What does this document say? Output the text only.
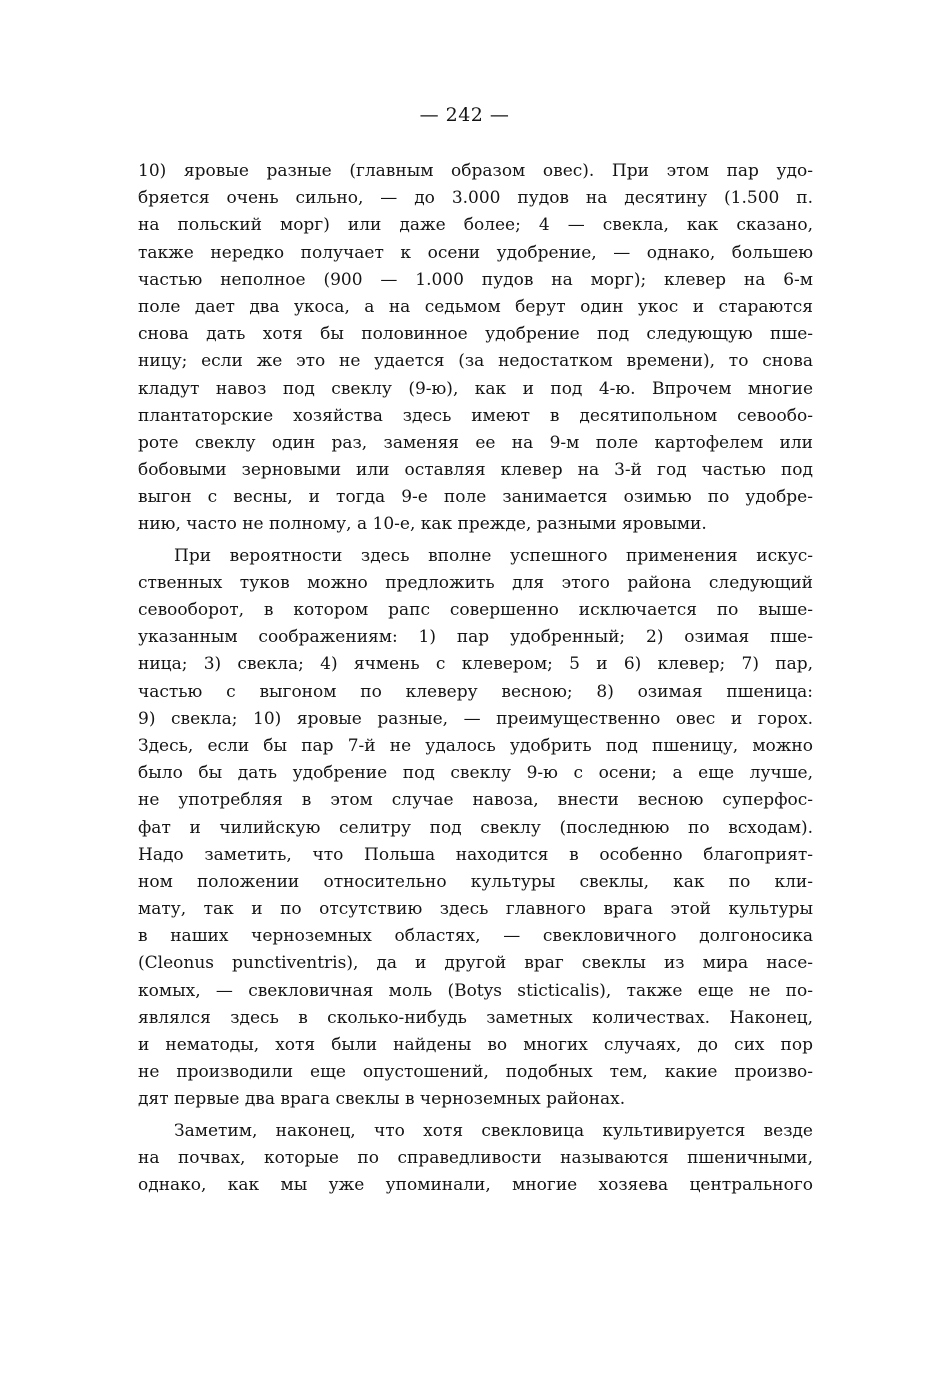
— 242 —
10) яровые разные (главным образом овес). При этом пар удо-
бряется очень сильно, — до 3.000 пудов на десятину (1.500 п.
на польский морг) или даже более; 4 — свекла, как сказано,
также нередко получает к осени удобрение, — однако, большею
частью неполное (900 — 1.000 пудов на морг); клевер на 6-м
поле дает два укоса, а на седьмом берут один укос и стараются
снова дать хотя бы половинное удобрение под следующую пше-
ницу; если же это не удается (за недостатком времени), то снова
кладут навоз под свеклу (9-ю), как и под 4-ю. Впрочем многие
плантаторские хозяйства здесь имеют в десятипольном севообо-
роте свеклу один раз, заменяя ее на 9-м поле картофелем или
бобовыми зерновыми или оставляя клевер на 3-й год частью под
выгон с весны, и тогда 9-е поле занимается озимью по удобре-
нию, часто не полному, а 10-е, как прежде, разными яровыми.
При вероятности здесь вполне успешного применения искус-
ственных туков можно предложить для этого района следующий
севооборот, в котором рапс совершенно исключается по выше-
указанным соображениям: 1) пар удобренный; 2) озимая пше-
ница; 3) свекла; 4) ячмень с клевером; 5 и 6) клевер; 7) пар,
частью с выгоном по клеверу весною; 8) озимая пшеница:
9) свекла; 10) яровые разные, — преимущественно овес и горох.
Здесь, если бы пар 7-й не удалось удобрить под пшеницу, можно
было бы дать удобрение под свеклу 9-ю с осени; а еще лучше,
не употребляя в этом случае навоза, внести весною суперфос-
фат и чилийскую селитру под свеклу (последнюю по всходам).
Надо заметить, что Польша находится в особенно благоприят-
ном положении относительно культуры свеклы, как по кли-
мату, так и по отсутствию здесь главного врага этой культуры
в наших черноземных областях, — свекловичного долгоносика
(Cleonus punctiventris), да и другой враг свеклы из мира насе-
комых, — свекловичная моль (Botys sticticalis), также еще не по-
являлся здесь в сколько-нибудь заметных количествах. Наконец,
и нематоды, хотя были найдены во многих случаях, до сих пор
не производили еще опустошений, подобных тем, какие произво-
дят первые два врага свеклы в черноземных районах.
Заметим, наконец, что хотя свекловица культивируется везде
на почвах, которые по справедливости называются пшеничными,
однако, как мы уже упоминали, многие хозяева центрального
